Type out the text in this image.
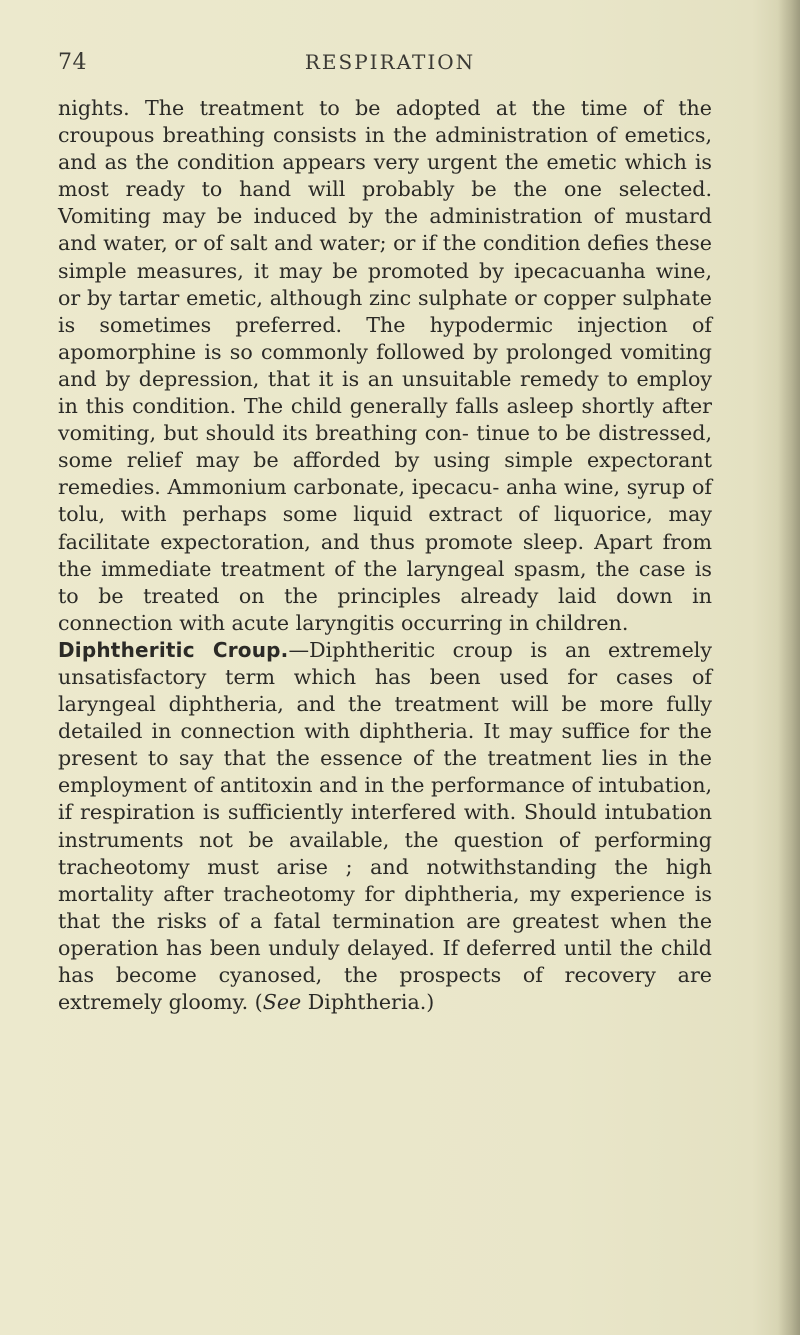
74	RESPIRATION

nights. The treatment to be adopted at the time of the croupous breathing consists in the administration of emetics, and as the condition appears very urgent the emetic which is most ready to hand will probably be the one selected. Vomiting may be induced by the administration of mustard and water, or of salt and water; or if the condition defies these simple measures, it may be promoted by ipecacuanha wine, or by tartar emetic, although zinc sulphate or copper sulphate is sometimes preferred. The hypodermic injection of apomorphine is so commonly followed by prolonged vomiting and by depression, that it is an unsuitable remedy to employ in this condition. The child generally falls asleep shortly after vomiting, but should its breathing con- tinue to be distressed, some relief may be afforded by using simple expectorant remedies. Ammonium carbonate, ipecacu- anha wine, syrup of tolu, with perhaps some liquid extract of liquorice, may facilitate expectoration, and thus promote sleep. Apart from the immediate treatment of the laryngeal spasm, the case is to be treated on the principles already laid down in connection with acute laryngitis occurring in children.

Diphtheritic Croup.—Diphtheritic croup is an extremely unsatisfactory term which has been used for cases of laryngeal diphtheria, and the treatment will be more fully detailed in connection with diphtheria. It may suffice for the present to say that the essence of the treatment lies in the employment of antitoxin and in the performance of intubation, if respiration is sufficiently interfered with. Should intubation instruments not be available, the question of performing tracheotomy must arise ; and notwithstanding the high mortality after tracheotomy for diphtheria, my experience is that the risks of a fatal termination are greatest when the operation has been unduly delayed. If deferred until the child has become cyanosed, the prospects of recovery are extremely gloomy. (See Diphtheria.)
